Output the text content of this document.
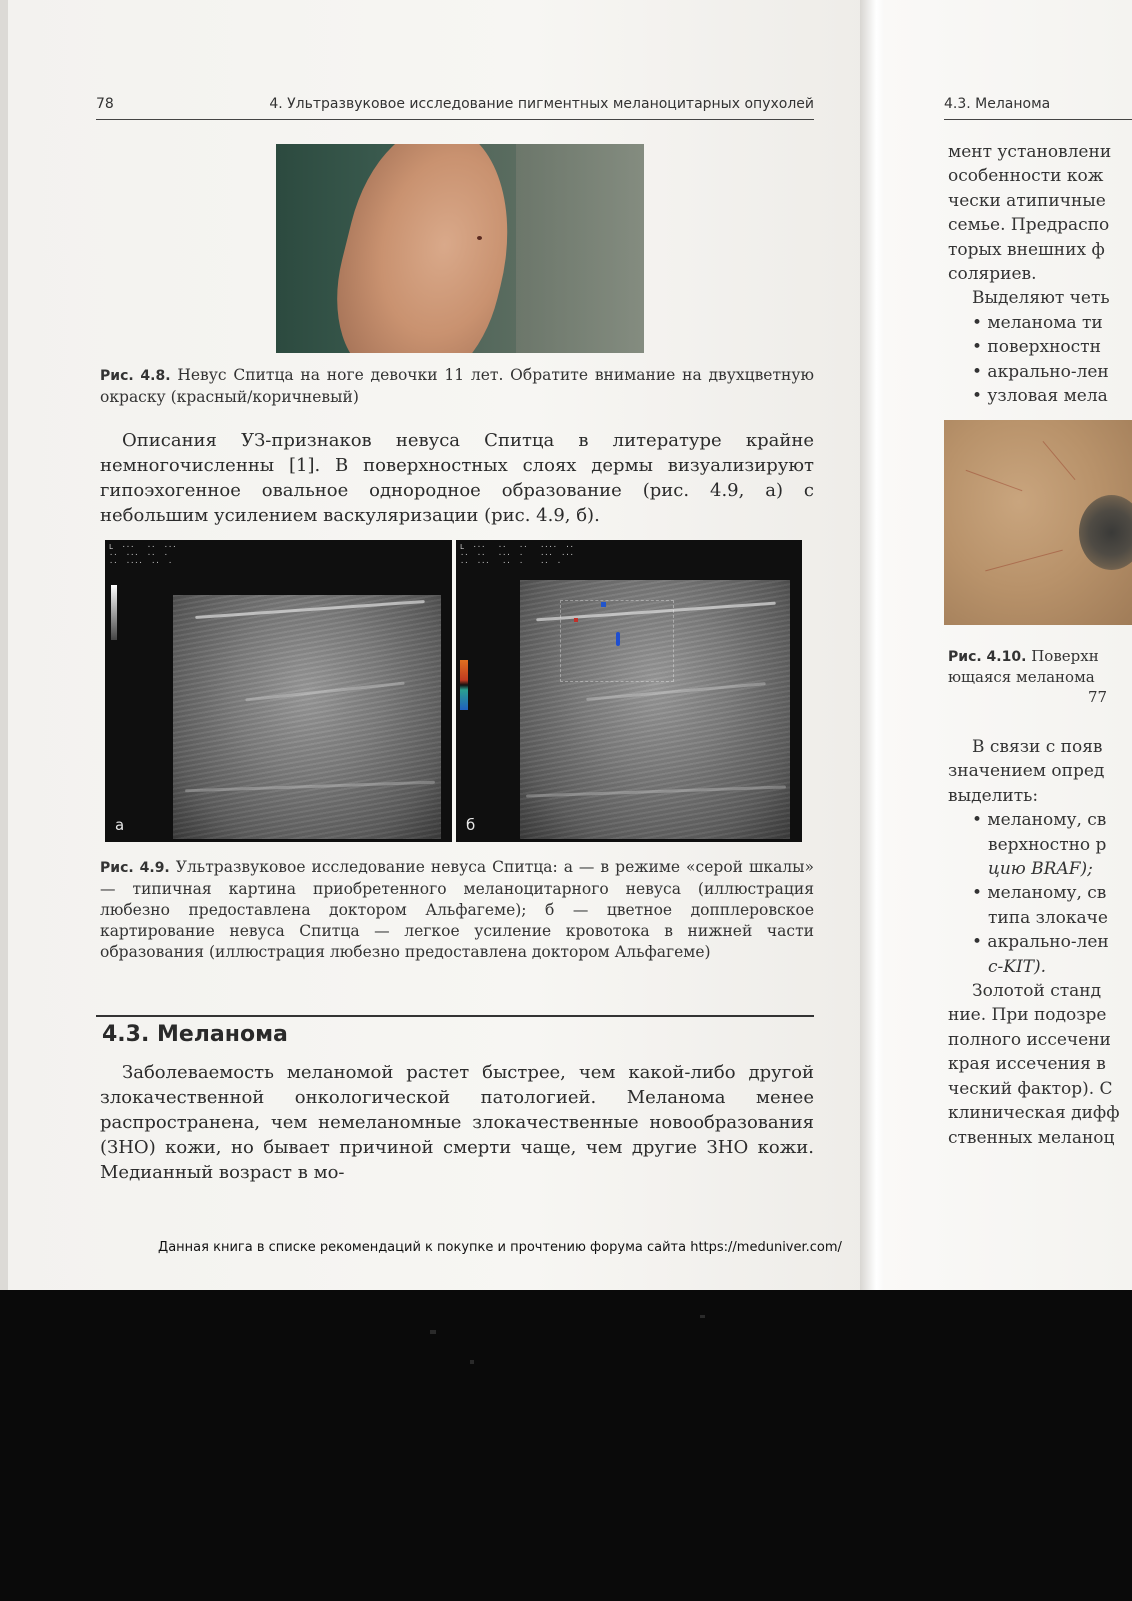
78	4. Ультразвуковое исследование пигментных меланоцитарных опухолей
Рис. 4.8. Невус Спитца на ноге девочки 11 лет. Обратите внимание на двухцветную окраску (красный/коричневый)
Описания УЗ-признаков невуса Спитца в литературе крайне немногочисленны [1]. В поверхностных слоях дермы визуализируют гипоэхогенное овальное однородное образование (рис. 4.9, а) с небольшим усилением васкуляризации (рис. 4.9, б).
L  ···   ··  ···
··  ···  ··  ·
··  ····  ··  ·
а
L  ···   ··   ··   ····  ··
··  ··   ···  ·    ···  ···
··  ···   ··  ·    ··  ·
б
Рис. 4.9. Ультразвуковое исследование невуса Спитца: а — в режиме «серой шкалы» — типичная картина приобретенного меланоцитарного невуса (иллюстрация любезно предоставлена доктором Альфагеме); б — цветное допплеровское картирование невуса Спитца — легкое усиление кровотока в нижней части образования (иллюстрация любезно предоставлена доктором Альфагеме)
4.3. Меланома
Заболеваемость меланомой растет быстрее, чем какой-либо другой злокачественной онкологической патологией. Меланома менее распространена, чем немеланомные злокачественные новообразования (ЗНО) кожи, но бывает причиной смерти чаще, чем другие ЗНО кожи. Медианный возраст в мо-
Данная книга в списке рекомендаций к покупке и прочтению форума сайта https://meduniver.com/
4.3. Меланома
мент установлени
особенности кож
чески атипичные
семье. Предраспо
торых внешних ф
соляриев.
Выделяют четь
• меланома ти
• поверхностн
• акрально-лен
• узловая мела
Рис. 4.10. Поверхн
ющаяся меланома
77
В связи с появ
значением опред
выделить:
• меланому, св
верхностно р
цию BRAF);
• меланому, св
типа злокаче
• акрально-лен
с-KIT).
Золотой станд
ние. При подозре
полного иссечени
края иссечения в
ческий фактор). С
клиническая дифф
ственных меланоц
